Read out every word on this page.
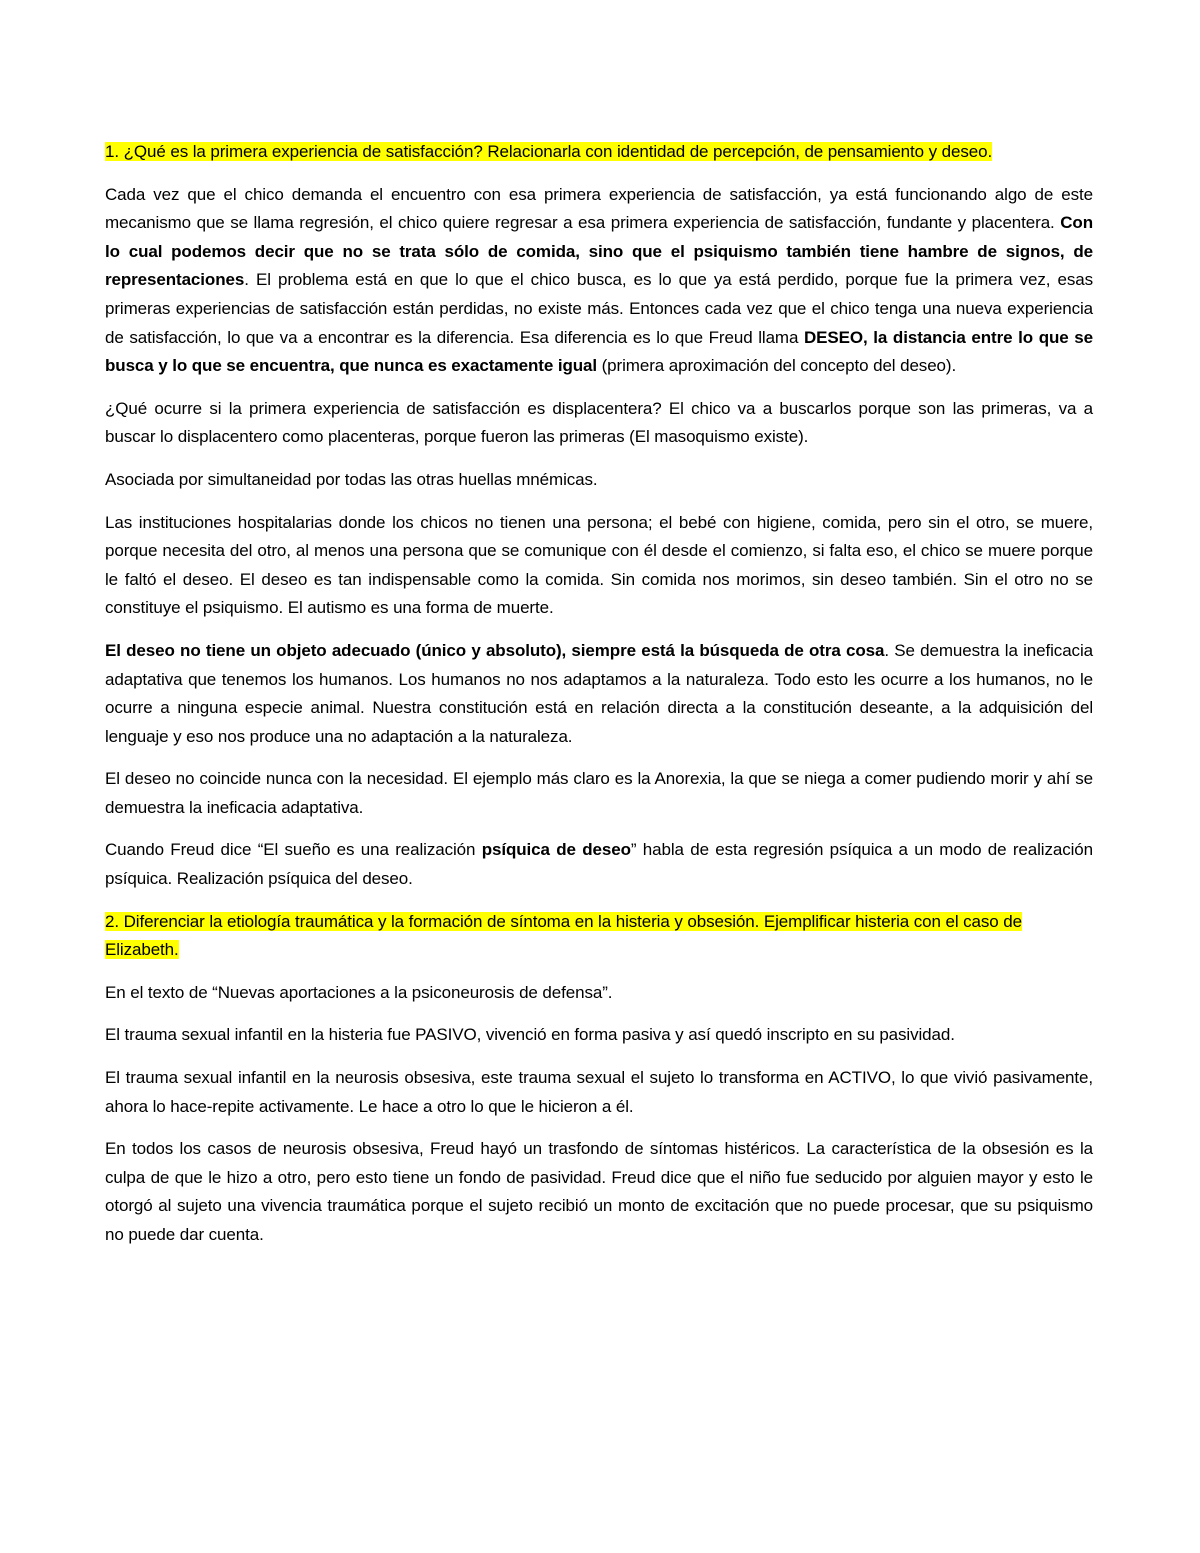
1. ¿Qué es la primera experiencia de satisfacción? Relacionarla con identidad de percepción, de pensamiento y deseo.

Cada vez que el chico demanda el encuentro con esa primera experiencia de satisfacción, ya está funcionando algo de este mecanismo que se llama regresión, el chico quiere regresar a esa primera experiencia de satisfacción, fundante y placentera. Con lo cual podemos decir que no se trata sólo de comida, sino que el psiquismo también tiene hambre de signos, de representaciones. El problema está en que lo que el chico busca, es lo que ya está perdido, porque fue la primera vez, esas primeras experiencias de satisfacción están perdidas, no existe más. Entonces cada vez que el chico tenga una nueva experiencia de satisfacción, lo que va a encontrar es la diferencia. Esa diferencia es lo que Freud llama DESEO, la distancia entre lo que se busca y lo que se encuentra, que nunca es exactamente igual (primera aproximación del concepto del deseo).

¿Qué ocurre si la primera experiencia de satisfacción es displacentera? El chico va a buscarlos porque son las primeras, va a buscar lo displacentero como placenteras, porque fueron las primeras (El masoquismo existe).

Asociada por simultaneidad por todas las otras huellas mnémicas.

Las instituciones hospitalarias donde los chicos no tienen una persona; el bebé con higiene, comida, pero sin el otro, se muere, porque necesita del otro, al menos una persona que se comunique con él desde el comienzo, si falta eso, el chico se muere porque le faltó el deseo. El deseo es tan indispensable como la comida. Sin comida nos morimos, sin deseo también. Sin el otro no se constituye el psiquismo. El autismo es una forma de muerte.

El deseo no tiene un objeto adecuado (único y absoluto), siempre está la búsqueda de otra cosa. Se demuestra la ineficacia adaptativa que tenemos los humanos. Los humanos no nos adaptamos a la naturaleza. Todo esto les ocurre a los humanos, no le ocurre a ninguna especie animal. Nuestra constitución está en relación directa a la constitución deseante, a la adquisición del lenguaje y eso nos produce una no adaptación a la naturaleza.

El deseo no coincide nunca con la necesidad. El ejemplo más claro es la Anorexia, la que se niega a comer pudiendo morir y ahí se demuestra la ineficacia adaptativa.

Cuando Freud dice “El sueño es una realización psíquica de deseo” habla de esta regresión psíquica a un modo de realización psíquica. Realización psíquica del deseo.

2. Diferenciar la etiología traumática y la formación de síntoma en la histeria y obsesión. Ejemplificar histeria con el caso de Elizabeth.

En el texto de “Nuevas aportaciones a la psiconeurosis de defensa”.

El trauma sexual infantil en la histeria fue PASIVO, vivenció en forma pasiva y así quedó inscripto en su pasividad.

El trauma sexual infantil en la neurosis obsesiva, este trauma sexual el sujeto lo transforma en ACTIVO, lo que vivió pasivamente, ahora lo hace-repite activamente. Le hace a otro lo que le hicieron a él.

En todos los casos de neurosis obsesiva, Freud hayó un trasfondo de síntomas histéricos. La característica de la obsesión es la culpa de que le hizo a otro, pero esto tiene un fondo de pasividad. Freud dice que el niño fue seducido por alguien mayor y esto le otorgó al sujeto una vivencia traumática porque el sujeto recibió un monto de excitación que no puede procesar, que su psiquismo no puede dar cuenta.
